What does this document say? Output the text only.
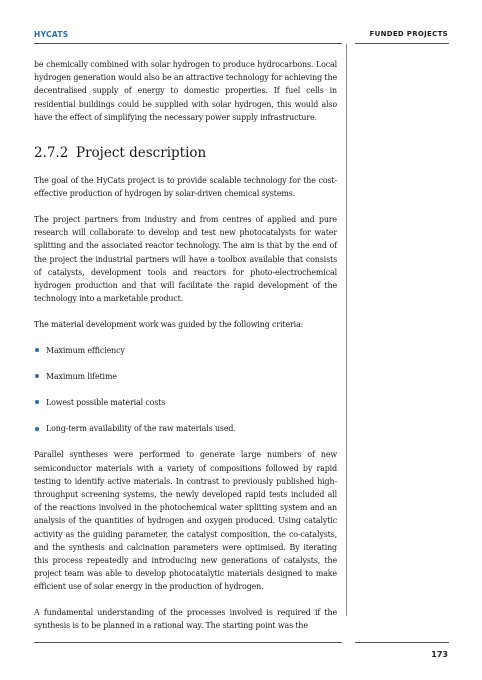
HYCATS	FUNDED PROJECTS

be chemically combined with solar hydrogen to produce hydrocarbons. Local hydrogen generation would also be an attractive technology for achieving the decentralised supply of energy to domestic properties. If fuel cells in residential buildings could be supplied with solar hydrogen, this would also have the effect of simplifying the necessary power supply infrastructure.

2.7.2 Project description

The goal of the HyCats project is to provide scalable technology for the cost-effective production of hydrogen by solar-driven chemical systems.

The project partners from industry and from centres of applied and pure research will collaborate to develop and test new photocatalysts for water splitting and the associated reactor technology. The aim is that by the end of the project the industrial partners will have a toolbox available that consists of catalysts, development tools and reactors for photo-electrochemical hydrogen production and that will facilitate the rapid development of the technology into a marketable product.

The material development work was guided by the following criteria:

Maximum efficiency
Maximum lifetime
Lowest possible material costs
Long-term availability of the raw materials used.

Parallel syntheses were performed to generate large numbers of new semiconductor materials with a variety of compositions followed by rapid testing to identify active materials. In contrast to previously published high-throughput screening systems, the newly developed rapid tests included all of the reactions involved in the photochemical water splitting system and an analysis of the quantities of hydrogen and oxygen produced. Using catalytic activity as the guiding parameter, the catalyst composition, the co-catalysts, and the synthesis and calcination parameters were optimised. By iterating this process repeatedly and introducing new generations of catalysts, the project team was able to develop photocatalytic materials designed to make efficient use of solar energy in the production of hydrogen.

A fundamental understanding of the processes involved is required if the synthesis is to be planned in a rational way. The starting point was the

173
